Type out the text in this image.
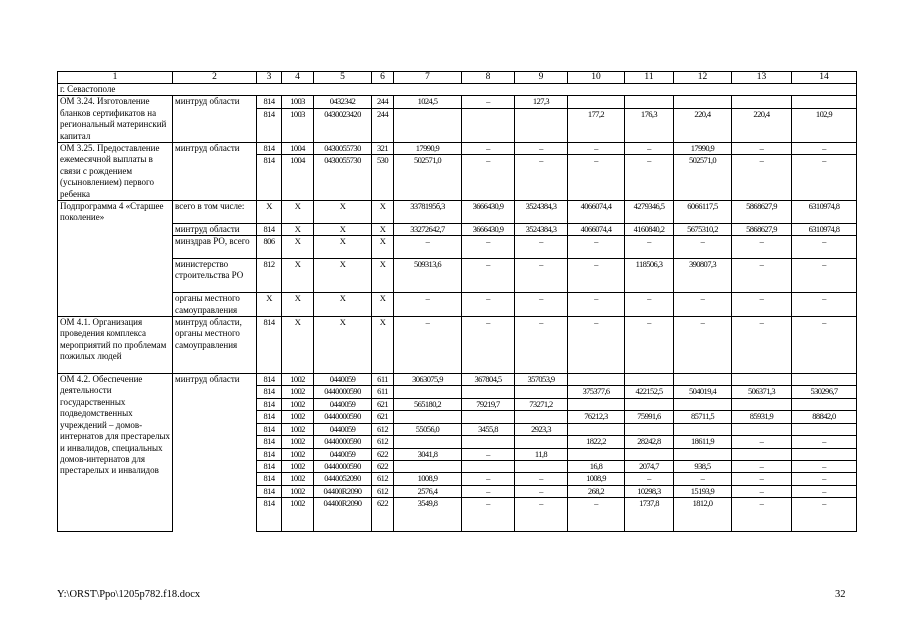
1	2	3	4	5	6	7	8	9	10	11	12	13	14
г. Севастополе													
ОМ 3.24. Изготовление бланков сертификатов на региональный материнский капитал	минтруд области	814	1003	0432342	244	1024,5	–	127,3					
		814	1003	0430023420	244				177,2	176,3	220,4	220,4	102,9
ОМ 3.25. Предоставление ежемесячной выплаты в связи с рождением (усыновлением) первого ребенка	минтруд области	814	1004	0430055730	321	17990,9	–	–	–	–	17990,9	–	–
		814	1004	0430055730	530	502571,0	–	–	–	–	502571,0	–	–
Подпрограмма 4 «Старшее поколение»	всего в том числе:	X	X	X	X	3378195б,3	3666430,9	3524384,3	4066074,4	4279346,5	6066117,5	5868627,9	6310974,8
	минтруд области	814	X	X	X	33272642,7	3666430,9	3524384,3	4066074,4	4160840,2	5675310,2	5868627,9	6310974,8
	минздрав РО, всего	806	X	X	X	–	–	–	–	–	–	–	–
	министерство строительства РО	812	X	X	X	509313,6	–	–	–	118506,3	390807,3	–	–
	органы местного самоуправления	X	X	X	X	–	–	–	–	–	–	–	–
ОМ 4.1. Организация проведения комплекса мероприятий по проблемам пожилых людей	минтруд области, органы местного самоуправления	814	X	X	X	–	–	–	–	–	–	–	–
ОМ 4.2. Обеспечение деятельности государственных подведомственных учреждений – домов-интернатов для престарелых и инвалидов, специальных домов-интернатов для престарелых и инвалидов	минтруд области	814	1002	0440059	611	3063075,9	367804,5	357053,9					
		814	1002	0440000590	611				375377,6	422152,5	504019,4	506371,3	530296,7
		814	1002	0440059	621	565180,2	79219,7	73271,2					
		814	1002	0440000590	621				76212,3	75991,6	85711,5	85931,9	88842,0
		814	1002	0440059	612	55056,0	3455,8	2923,3					
		814	1002	0440000590	612				1822,2	28242,8	18611,9	–	–
		814	1002	0440059	622	3041,8	–	11,8					
		814	1002	0440000590	622				16,8	2074,7	938,5	–	–
		814	1002	0440052090	612	1008,9	–	–	1008,9	–	–	–	–
		814	1002	04400R2090	612	2576,4	–	–	268,2	10298,3	15193,9	–	–
		814	1002	04400R2090	622	3549,8	–	–	–	1737,8	1812,0	–	–
Y:\ORST\Ppo\1205p782.f18.docx	32
